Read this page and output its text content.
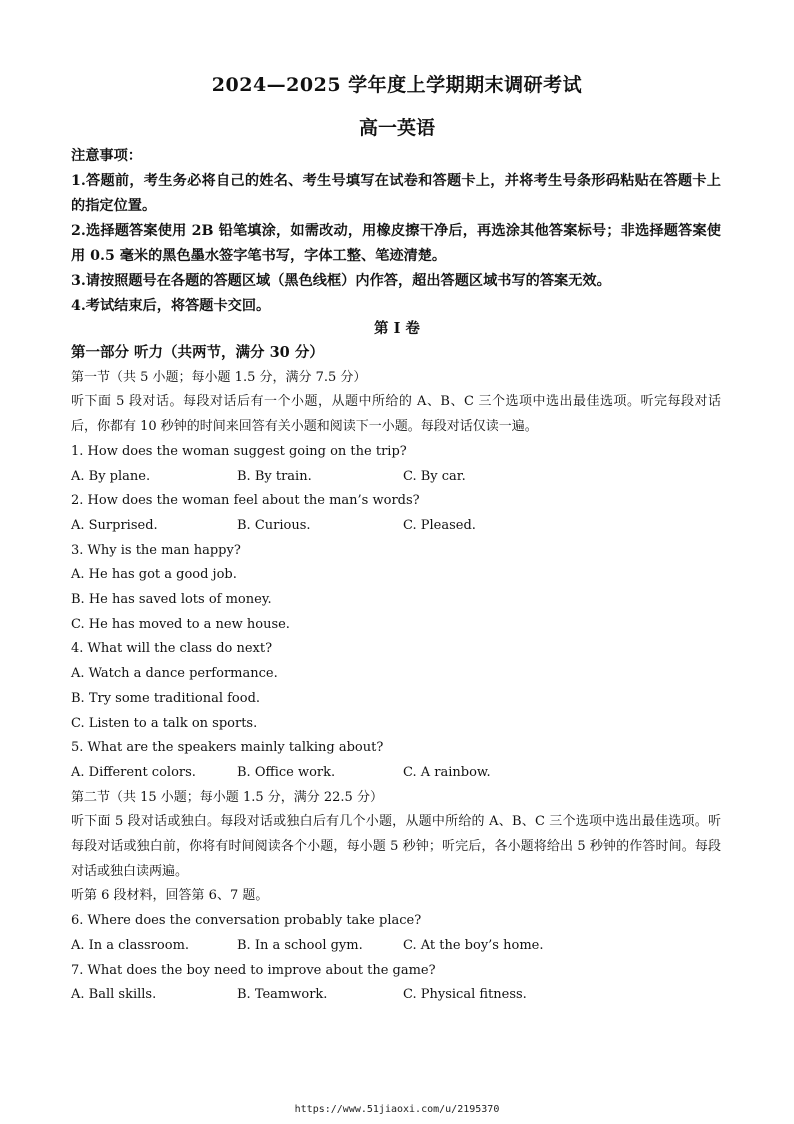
2024—2025 学年度上学期期末调研考试
高一英语
注意事项：
1.答题前，考生务必将自己的姓名、考生号填写在试卷和答题卡上，并将考生号条形码粘贴在答题卡上的指定位置。
2.选择题答案使用 2B 铅笔填涂，如需改动，用橡皮擦干净后，再选涂其他答案标号；非选择题答案使用 0.5 毫米的黑色墨水签字笔书写，字体工整、笔迹清楚。
3.请按照题号在各题的答题区域（黑色线框）内作答，超出答题区域书写的答案无效。
4.考试结束后，将答题卡交回。
第 I 卷
第一部分 听力（共两节，满分 30 分）
第一节（共 5 小题；每小题 1.5 分，满分 7.5 分）
听下面 5 段对话。每段对话后有一个小题，从题中所给的 A、B、C 三个选项中选出最佳选项。听完每段对话后，你都有 10 秒钟的时间来回答有关小题和阅读下一小题。每段对话仅读一遍。
1. How does the woman suggest going on the trip?
A. By plane.	B. By train.	C. By car.
2. How does the woman feel about the man’s words?
A. Surprised.	B. Curious.	C. Pleased.
3. Why is the man happy?
A. He has got a good job.
B. He has saved lots of money.
C. He has moved to a new house.
4. What will the class do next?
A. Watch a dance performance.
B. Try some traditional food.
C. Listen to a talk on sports.
5. What are the speakers mainly talking about?
A. Different colors.	B. Office work.	C. A rainbow.
第二节（共 15 小题；每小题 1.5 分，满分 22.5 分）
听下面 5 段对话或独白。每段对话或独白后有几个小题，从题中所给的 A、B、C 三个选项中选出最佳选项。听每段对话或独白前，你将有时间阅读各个小题，每小题 5 秒钟；听完后，各小题将给出 5 秒钟的作答时间。每段对话或独白读两遍。
听第 6 段材料，回答第 6、7 题。
6. Where does the conversation probably take place?
A. In a classroom.	B. In a school gym.	C. At the boy’s home.
7. What does the boy need to improve about the game?
A. Ball skills.	B. Teamwork.	C. Physical fitness.
https://www.51jiaoxi.com/u/2195370
